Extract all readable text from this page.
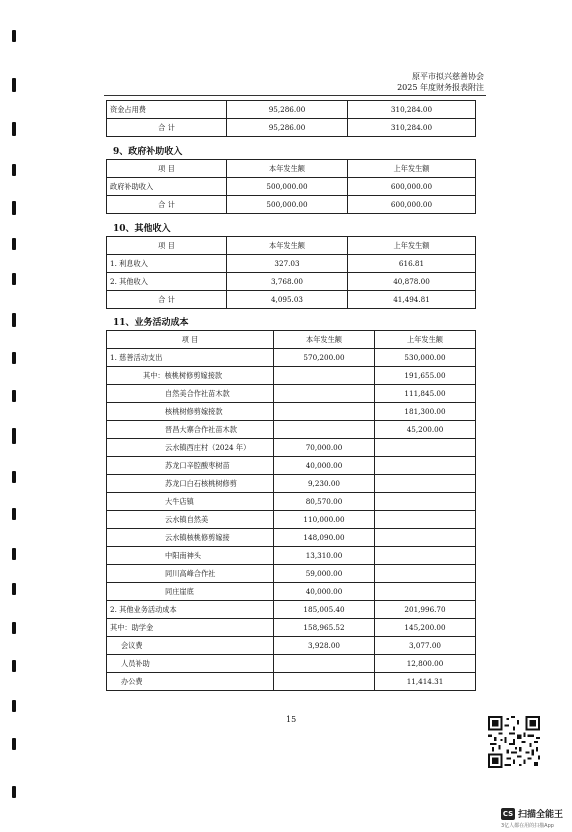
原平市拟兴慈善协会
2025 年度财务报表附注
资金占用费	95,286.00	310,284.00
合 计	95,286.00	310,284.00
9、政府补助收入
项 目	本年发生额	上年发生额
政府补助收入	500,000.00	600,000.00
合 计	500,000.00	600,000.00
10、其他收入
项 目	本年发生额	上年发生额
1. 利息收入	327.03	616.81
2. 其他收入	3,768.00	40,878.00
合 计	4,095.03	41,494.81
11、业务活动成本
项 目	本年发生额	上年发生额
1. 慈善活动支出	570,200.00	530,000.00
其中：核桃树修剪嫁接款		191,655.00
自然美合作社苗木款		111,845.00
核桃树修剪嫁接款		181,300.00
晋昌大寨合作社苗木款		45,200.00
云水镇西庄村（2024 年）	70,000.00	
苏龙口辛腔酸枣树苗	40,000.00	
苏龙口白石核桃树修剪	9,230.00	
大牛店镇	80,570.00	
云水镇自然美	110,000.00	
云水镇核桃修剪嫁接	148,090.00	
中阳南神头	13,310.00	
同川高峰合作社	59,000.00	
同庄崖底	40,000.00	
2. 其他业务活动成本	185,005.40	201,996.70
其中：助学金	158,965.52	145,200.00
会议费	3,928.00	3,077.00
人员补助		12,800.00
办公费		11,414.31
15
CS 扫描全能王
3亿人都在用的扫描App
